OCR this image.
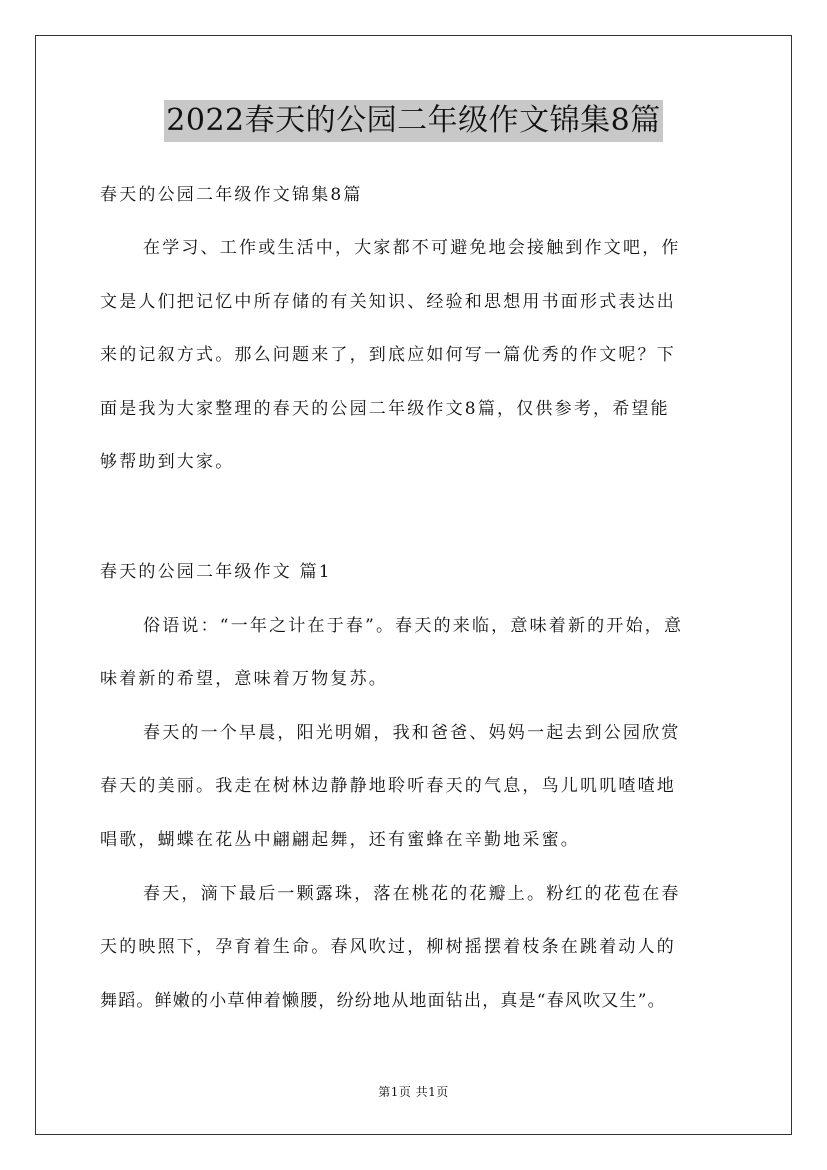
2022春天的公园二年级作文锦集8篇
春天的公园二年级作文锦集8篇
在学习、工作或生活中，大家都不可避免地会接触到作文吧，作
文是人们把记忆中所存储的有关知识、经验和思想用书面形式表达出
来的记叙方式。那么问题来了，到底应如何写一篇优秀的作文呢？下
面是我为大家整理的春天的公园二年级作文8篇，仅供参考，希望能
够帮助到大家。
春天的公园二年级作文 篇1
俗语说：“一年之计在于春”。春天的来临，意味着新的开始，意
味着新的希望，意味着万物复苏。
春天的一个早晨，阳光明媚，我和爸爸、妈妈一起去到公园欣赏
春天的美丽。我走在树林边静静地聆听春天的气息，鸟儿叽叽喳喳地
唱歌，蝴蝶在花丛中翩翩起舞，还有蜜蜂在辛勤地采蜜。
春天，滴下最后一颗露珠，落在桃花的花瓣上。粉红的花苞在春
天的映照下，孕育着生命。春风吹过，柳树摇摆着枝条在跳着动人的
舞蹈。鲜嫩的小草伸着懒腰，纷纷地从地面钻出，真是“春风吹又生”。
第1页 共1页
